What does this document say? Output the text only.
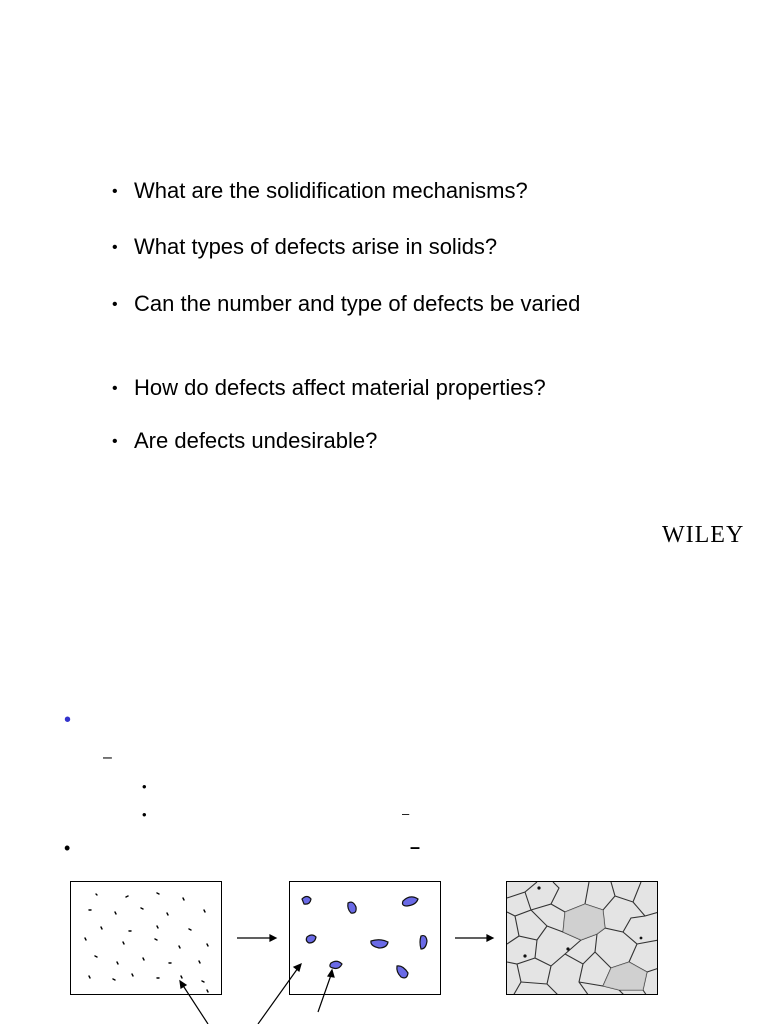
• What are the solidification mechanisms?
• What types of defects arise in solids?
• Can the number and type of defects be varied
• How do defects affect material properties?
• Are defects undesirable?
WILEY
•
–
•
•	–
•	–
